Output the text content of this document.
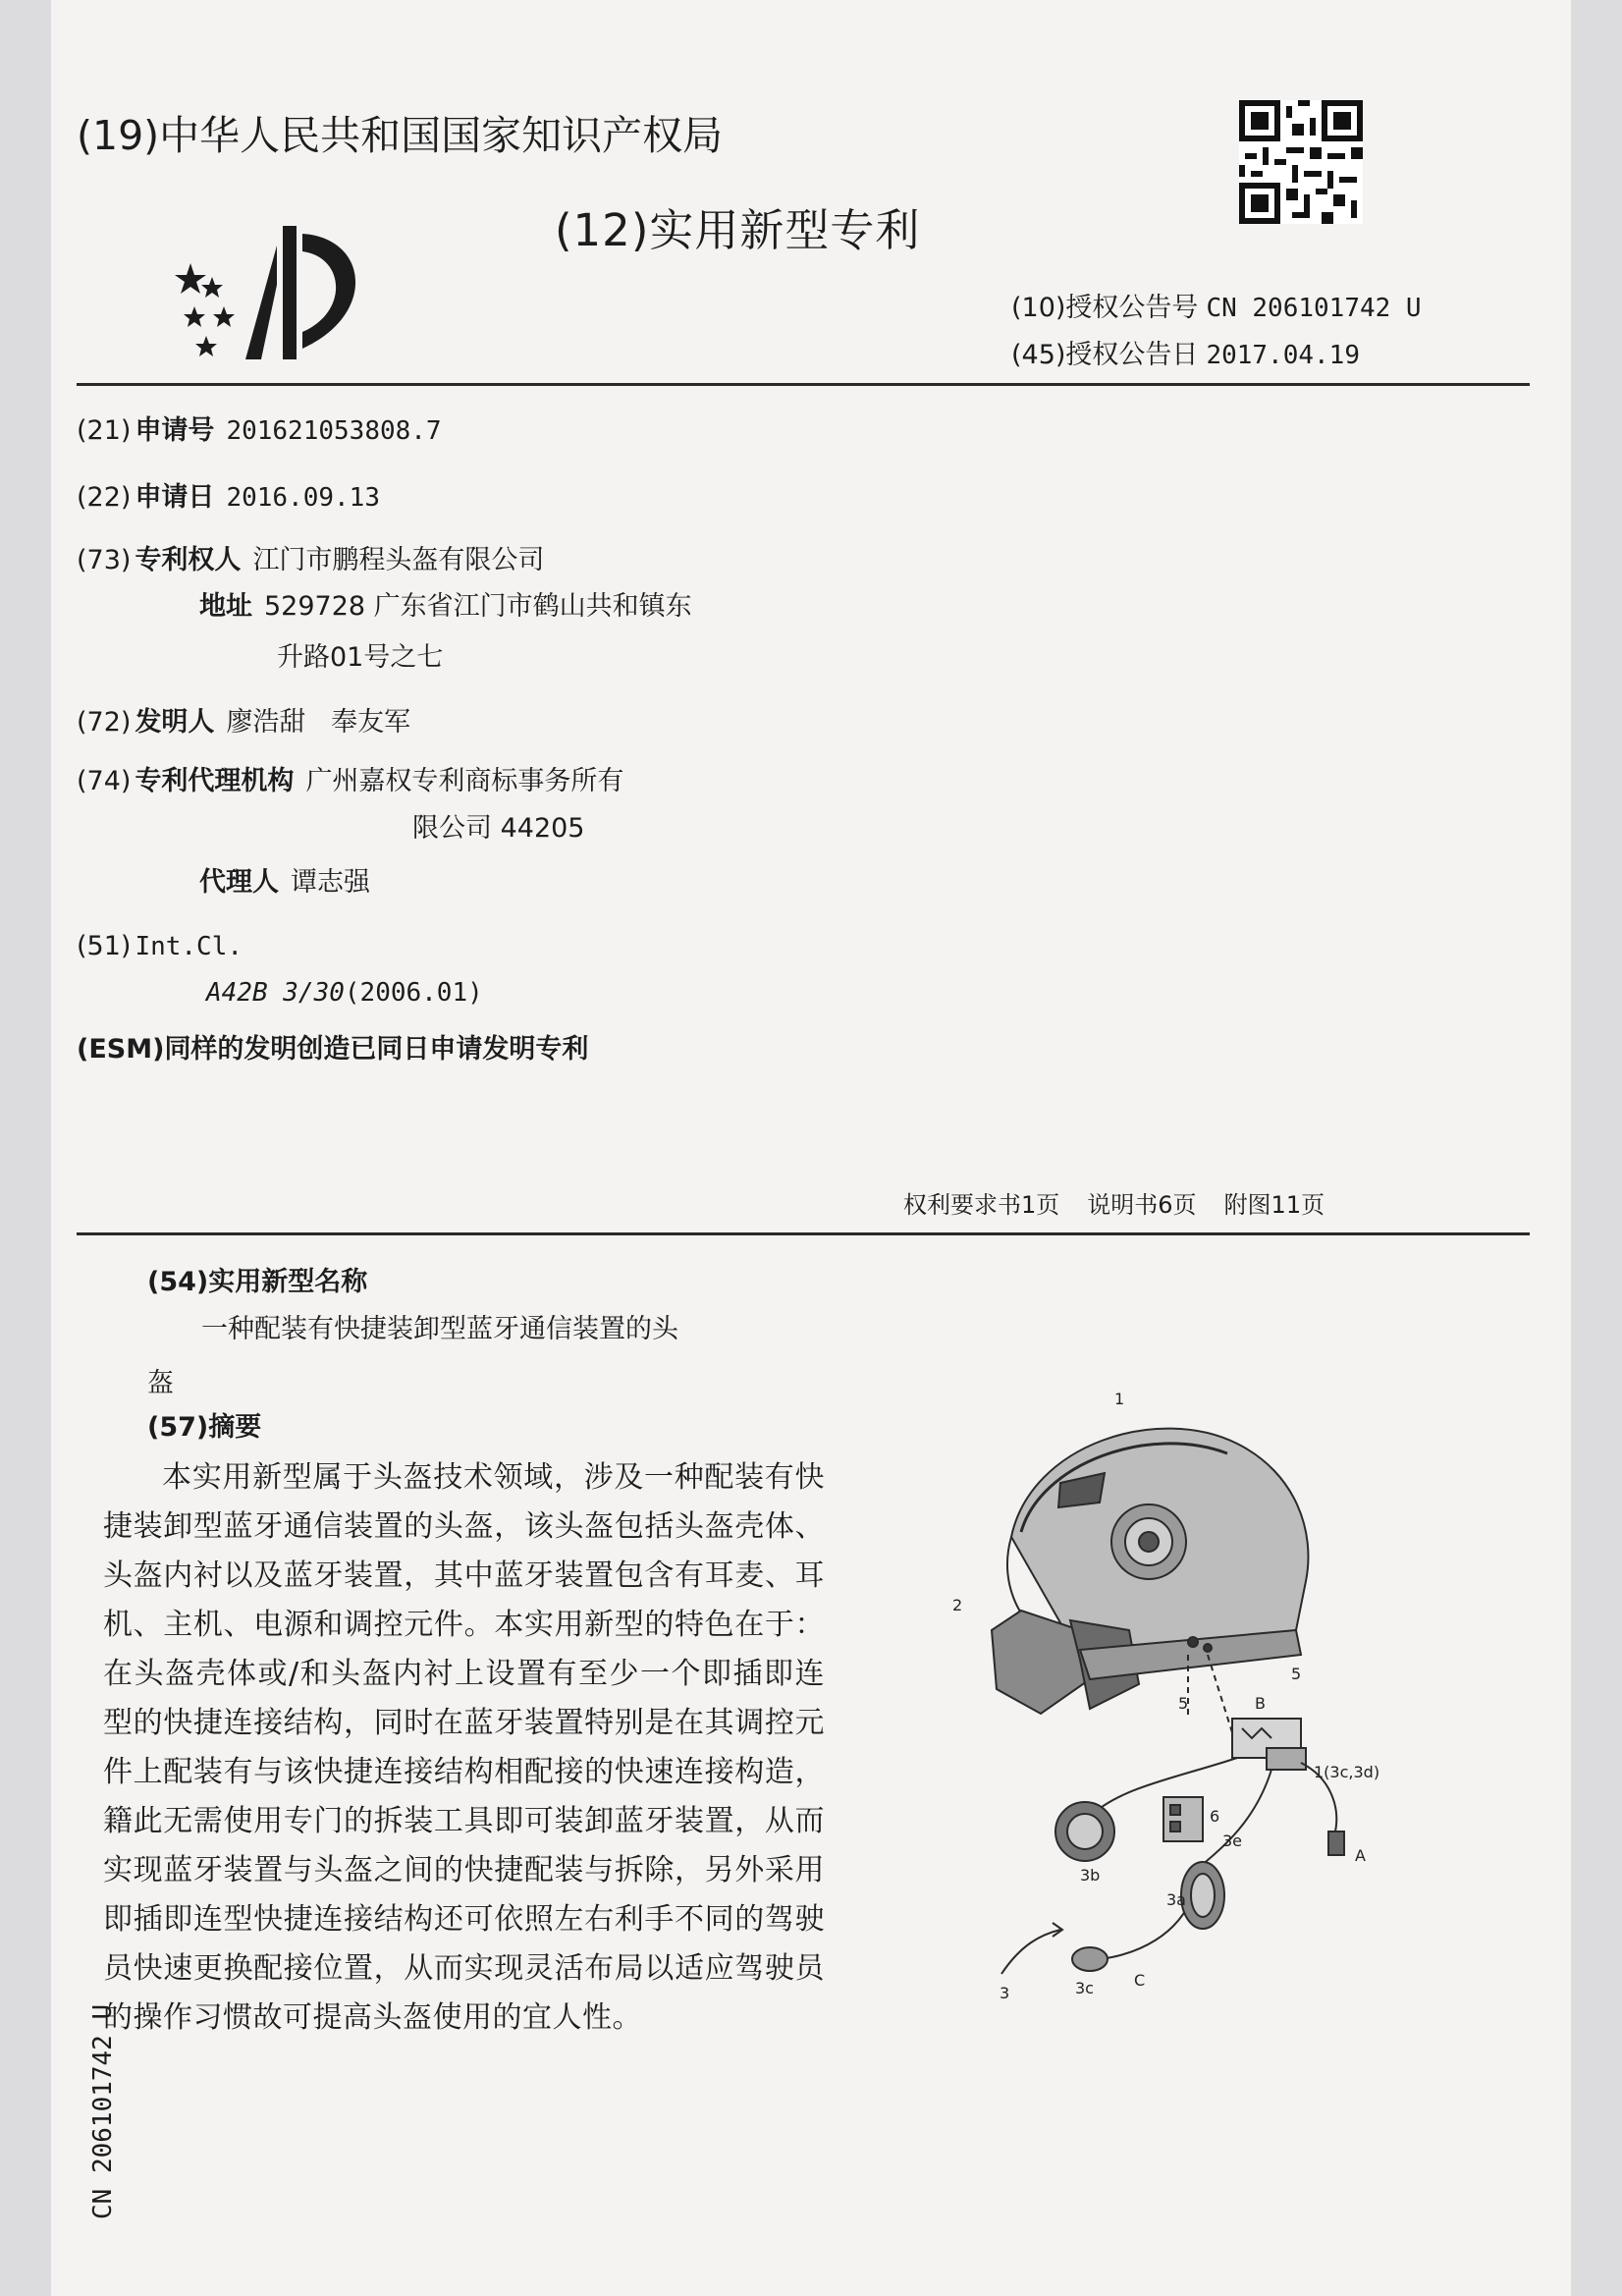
(19)中华人民共和国国家知识产权局
(12)实用新型专利
(10)授权公告号 CN 206101742 U
(45)授权公告日 2017.04.19
(21) 申请号 201621053808.7
(22) 申请日 2016.09.13
(73) 专利权人 江门市鹏程头盔有限公司
地址 529728 广东省江门市鹤山共和镇东
升路01号之七
(72) 发明人 廖浩甜   奉友军
(74) 专利代理机构 广州嘉权专利商标事务所有
限公司 44205
代理人 谭志强
(51) Int.Cl.
A42B 3/30(2006.01)
(ESM)同样的发明创造已同日申请发明专利
权利要求书1页 说明书6页 附图11页
(54)实用新型名称
一种配装有快捷装卸型蓝牙通信装置的头
盔
(57)摘要
本实用新型属于头盔技术领域，涉及一种配装有快捷装卸型蓝牙通信装置的头盔，该头盔包括头盔壳体、头盔内衬以及蓝牙装置，其中蓝牙装置包含有耳麦、耳机、主机、电源和调控元件。本实用新型的特色在于：在头盔壳体或/和头盔内衬上设置有至少一个即插即连型的快捷连接结构，同时在蓝牙装置特别是在其调控元件上配装有与该快捷连接结构相配接的快速连接构造，籍此无需使用专门的拆装工具即可装卸蓝牙装置，从而实现蓝牙装置与头盔之间的快捷配装与拆除，另外采用即插即连型快捷连接结构还可依照左右利手不同的驾驶员快速更换配接位置，从而实现灵活布局以适应驾驶员的操作习惯故可提高头盔使用的宜人性。
CN 206101742 U
1
2
5
5	B
1(3c,3d)
6
3e
A
3b
3a
3	3c	C
